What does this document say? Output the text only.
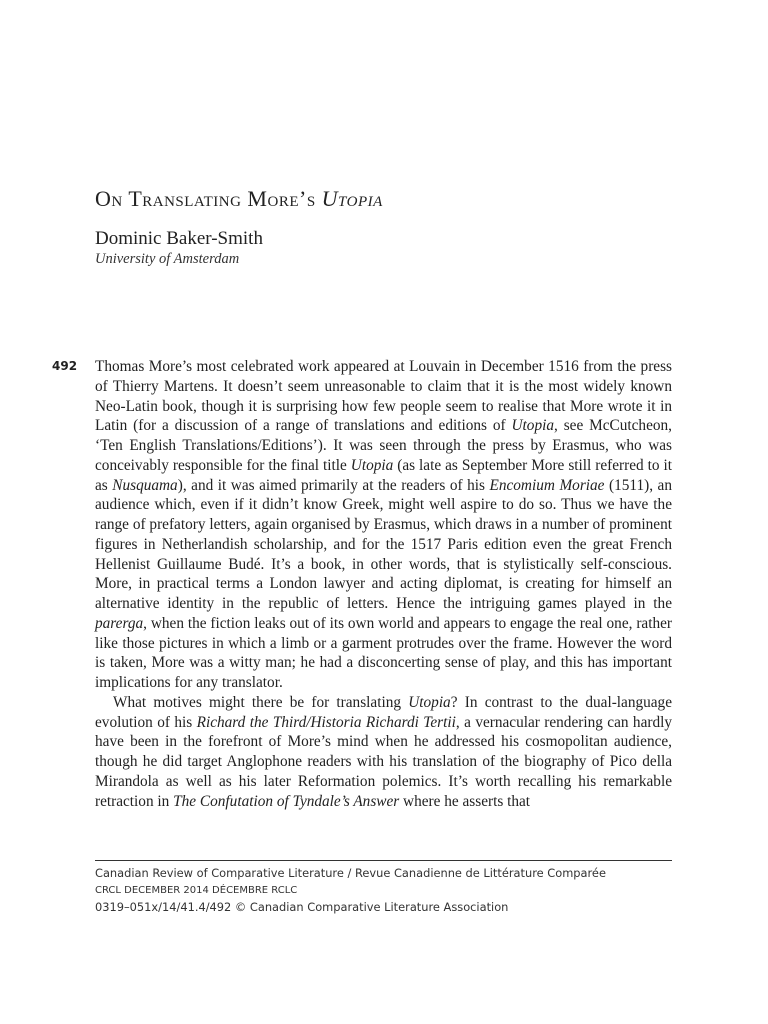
On Translating More’s Utopia
Dominic Baker-Smith
University of Amsterdam
492 Thomas More’s most celebrated work appeared at Louvain in December 1516 from the press of Thierry Martens. It doesn’t seem unreasonable to claim that it is the most widely known Neo-Latin book, though it is surprising how few people seem to realise that More wrote it in Latin (for a discussion of a range of translations and editions of Utopia, see McCutcheon, ‘Ten English Translations/Editions’). It was seen through the press by Erasmus, who was conceivably responsible for the final title Utopia (as late as September More still referred to it as Nusquama), and it was aimed primarily at the readers of his Encomium Moriae (1511), an audience which, even if it didn’t know Greek, might well aspire to do so. Thus we have the range of prefatory letters, again organised by Erasmus, which draws in a number of prominent figures in Netherlandish scholarship, and for the 1517 Paris edition even the great French Hellenist Guillaume Budé. It’s a book, in other words, that is stylistically self-conscious. More, in practical terms a London lawyer and acting diplomat, is creating for himself an alternative identity in the republic of letters. Hence the intriguing games played in the parerga, when the fiction leaks out of its own world and appears to engage the real one, rather like those pictures in which a limb or a garment protrudes over the frame. However the word is taken, More was a witty man; he had a disconcerting sense of play, and this has important implications for any translator.

What motives might there be for translating Utopia? In contrast to the dual-language evolution of his Richard the Third/Historia Richardi Tertii, a vernacular rendering can hardly have been in the forefront of More’s mind when he addressed his cosmopolitan audience, though he did target Anglophone readers with his translation of the biography of Pico della Mirandola as well as his later Reformation polemics. It’s worth recalling his remarkable retraction in The Confutation of Tyndale’s Answer where he asserts that

Canadian Review of Comparative Literature / Revue Canadienne de Littérature Comparée
CRCL DECEMBER 2014 DÉCEMBRE RCLC
0319–051x/14/41.4/492 © Canadian Comparative Literature Association
